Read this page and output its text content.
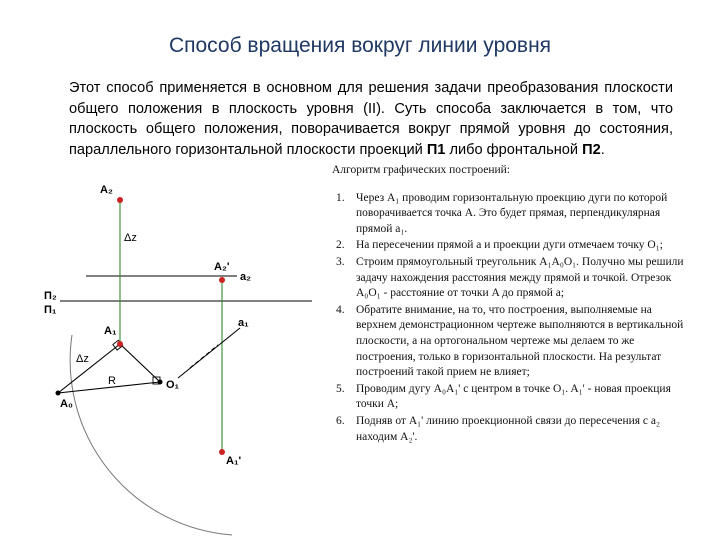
Способ вращения вокруг линии уровня

Этот способ применяется в основном для решения задачи преобразования плоскости общего положения в плоскость уровня (II). Суть способа заключается в том, что плоскость общего положения, поворачивается вокруг прямой уровня до состояния, параллельного горизонтальной плоскости проекций П1 либо фронтальной П2.

A₂
Δz
A₂'
a₂
П₂
П₁
a₁
A₁
Δz
R	O₁
A₀
A₁'
Алгоритм графических построений:
1. Через A₁ проводим горизонтальную проекцию дуги по которой поворачивается точка A. Это будет прямая, перпендикулярная прямой a₁.
2. На пересечении прямой a и проекции дуги отмечаем точку O₁;
3. Строим прямоугольный треугольник A₁A₀O₁. Получно мы решили задачу нахождения расстояния между прямой и точкой. Отрезок A₀O₁ - расстояние от точки A до прямой a;
4. Обратите внимание, на то, что построения, выполняемые на верхнем демонстрационном чертеже выполняются в вертикальной плоскости, а на ортогональном чертеже мы делаем то же построения, только в горизонтальной плоскости. На результат построений такой прием не влияет;
5. Проводим дугу A₀A₁' с центром в точке O₁. A₁' - новая проекция точки A;
6. Подняв от A₁' линию проекционной связи до пересечения с a₂ находим A₂'.
